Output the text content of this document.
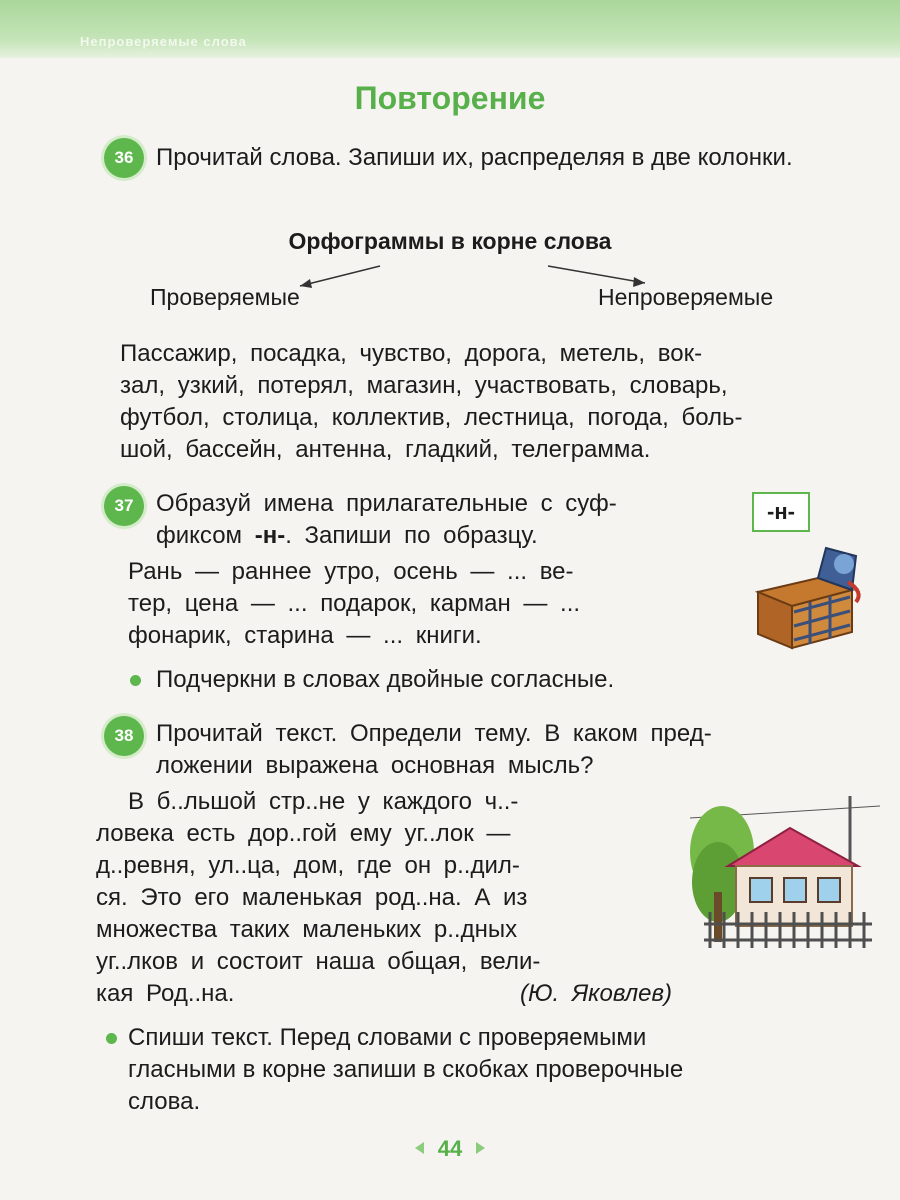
Непроверяемые слова
Повторение
36 Прочитай слова. Запиши их, распределяя в две колонки.
Орфограммы в корне слова
Проверяемые	Непроверяемые
Пассажир, посадка, чувство, дорога, метель, вок-
зал, узкий, потерял, магазин, участвовать, словарь,
футбол, столица, коллектив, лестница, погода, боль-
шой, бассейн, антенна, гладкий, телеграмма.
37 Образуй имена прилагательные с суф-
фиксом -н-. Запиши по образцу.
-н-
Рань — раннее утро, осень — ... ве-
тер, цена — ... подарок, карман — ...
фонарик, старина — ... книги.
Подчеркни в словах двойные согласные.
38 Прочитай текст. Определи тему. В каком пред-
ложении выражена основная мысль?
В б..льшой стр..не у каждого ч..-
ловека есть дор..гой ему уг..лок —
д..ревня, ул..ца, дом, где он р..дил-
ся. Это его маленькая род..на. А из
множества таких маленьких р..дных
уг..лков и состоит наша общая, вели-
кая Род..на.	(Ю. Яковлев)
Спиши текст. Перед словами с проверяемыми
гласными в корне запиши в скобках проверочные
слова.
44
